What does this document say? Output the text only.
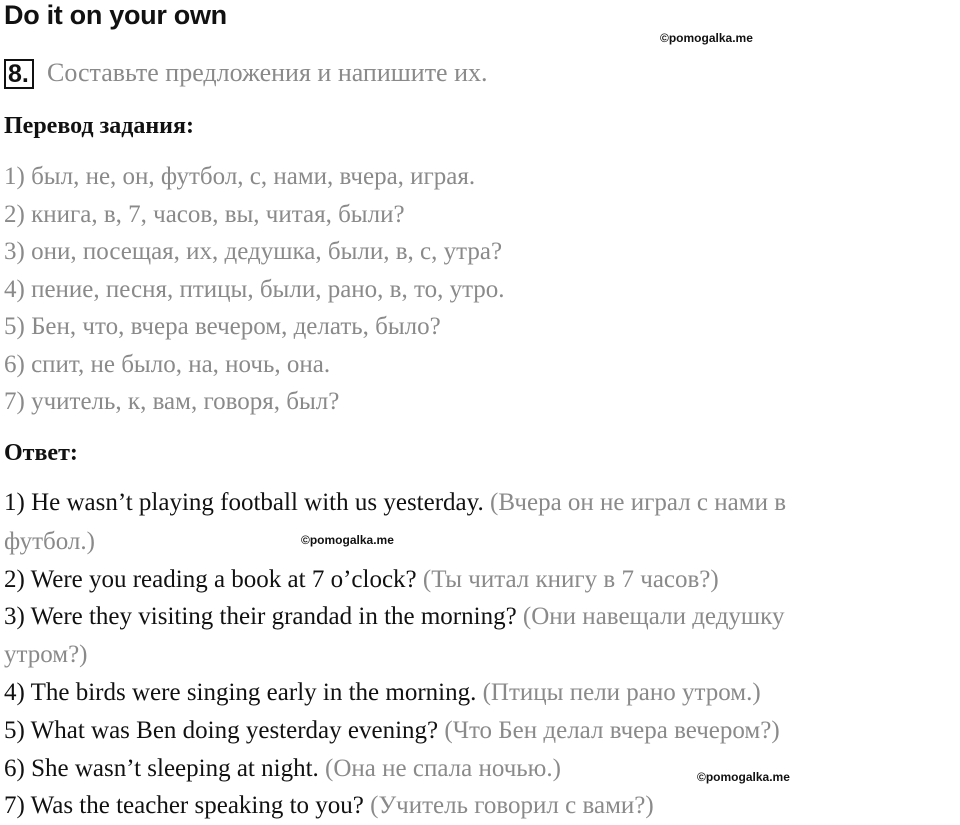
Do it on your own
©pomogalka.me
8. Составьте предложения и напишите их.
Перевод задания:
1) был, не, он, футбол, с, нами, вчера, играя.
2) книга, в, 7, часов, вы, читая, были?
3) они, посещая, их, дедушка, были, в, с, утра?
4) пение, песня, птицы, были, рано, в, то, утро.
5) Бен, что, вчера вечером, делать, было?
6) спит, не было, на, ночь, она.
7) учитель, к, вам, говоря, был?
Ответ:
1) He wasn’t playing football with us yesterday. (Вчера он не играл с нами в
футбол.)	©pomogalka.me
2) Were you reading a book at 7 o’clock? (Ты читал книгу в 7 часов?)
3) Were they visiting their grandad in the morning? (Они навещали дедушку
утром?)
4) The birds were singing early in the morning. (Птицы пели рано утром.)
5) What was Ben doing yesterday evening? (Что Бен делал вчера вечером?)
6) She wasn’t sleeping at night. (Она не спала ночью.)	©pomogalka.me
7) Was the teacher speaking to you? (Учитель говорил с вами?)
